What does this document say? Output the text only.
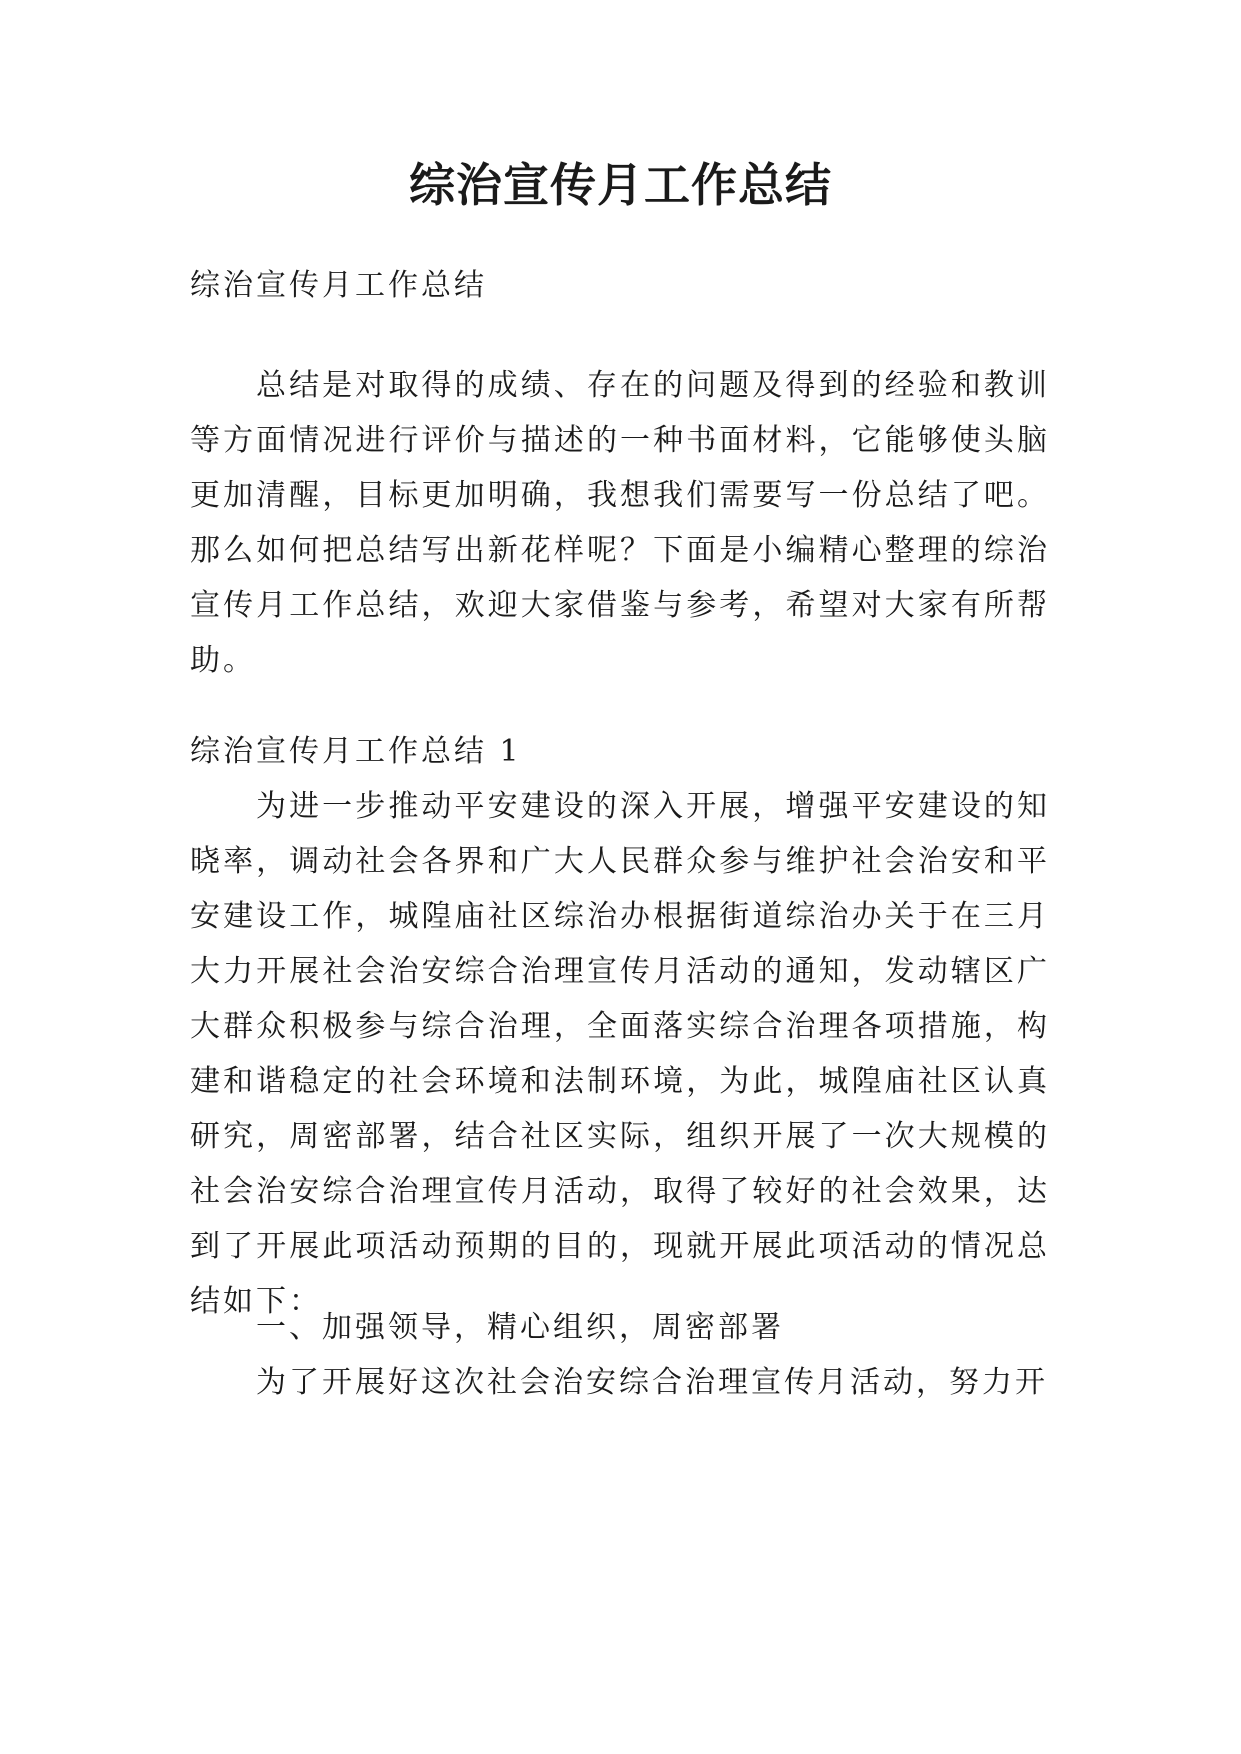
综治宣传月工作总结
综治宣传月工作总结
总结是对取得的成绩、存在的问题及得到的经验和教训等方面情况进行评价与描述的一种书面材料，它能够使头脑更加清醒，目标更加明确，我想我们需要写一份总结了吧。那么如何把总结写出新花样呢？下面是小编精心整理的综治宣传月工作总结，欢迎大家借鉴与参考，希望对大家有所帮助。
综治宣传月工作总结 1
为进一步推动平安建设的深入开展，增强平安建设的知晓率，调动社会各界和广大人民群众参与维护社会治安和平安建设工作，城隍庙社区综治办根据街道综治办关于在三月大力开展社会治安综合治理宣传月活动的通知，发动辖区广大群众积极参与综合治理，全面落实综合治理各项措施，构建和谐稳定的社会环境和法制环境，为此，城隍庙社区认真研究，周密部署，结合社区实际，组织开展了一次大规模的社会治安综合治理宣传月活动，取得了较好的社会效果，达到了开展此项活动预期的目的，现就开展此项活动的情况总结如下：
一、加强领导，精心组织，周密部署
为了开展好这次社会治安综合治理宣传月活动，努力开
